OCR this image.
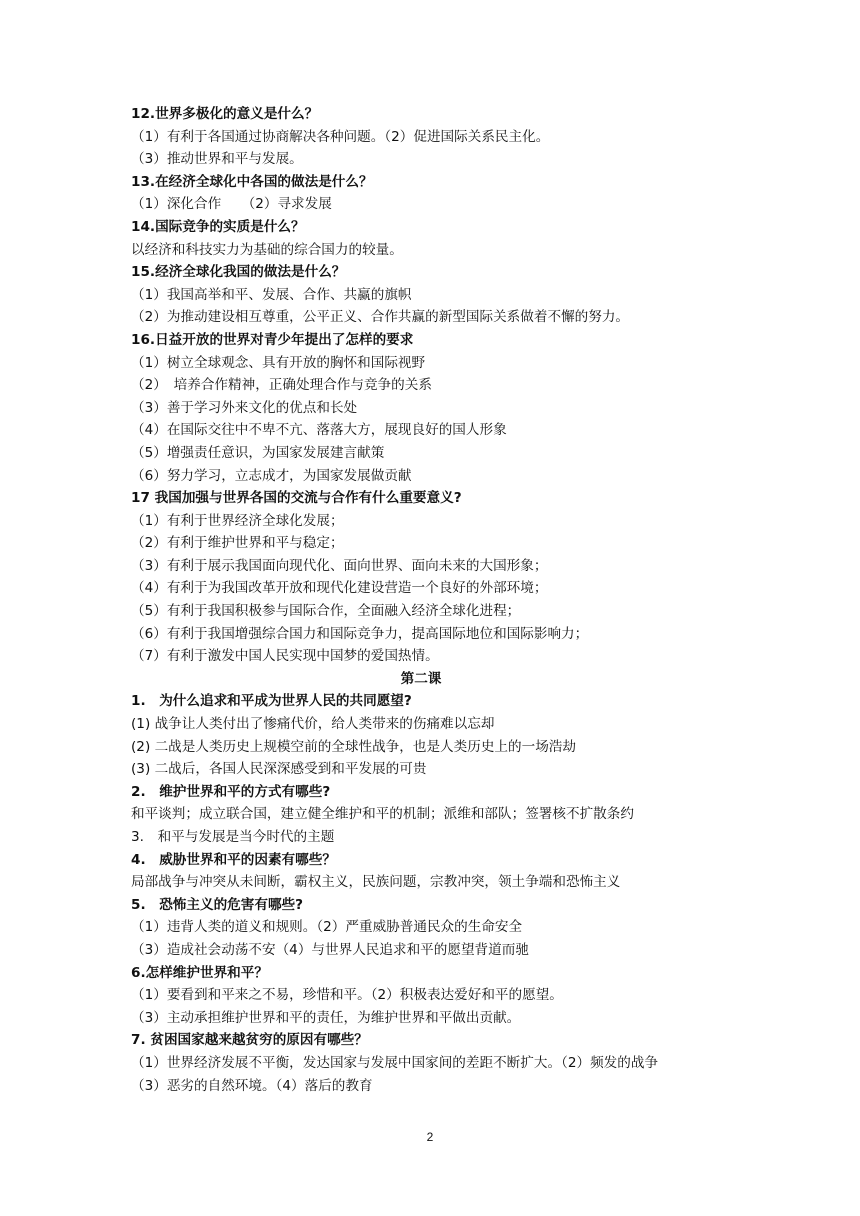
12.世界多极化的意义是什么？
（1）有利于各国通过协商解决各种问题。（2）促进国际关系民主化。
（3）推动世界和平与发展。
13.在经济全球化中各国的做法是什么？
（1）深化合作　　（2）寻求发展
14.国际竞争的实质是什么？
以经济和科技实力为基础的综合国力的较量。
15.经济全球化我国的做法是什么？
（1）我国高举和平、发展、合作、共赢的旗帜
（2）为推动建设相互尊重，公平正义、合作共赢的新型国际关系做着不懈的努力。
16.日益开放的世界对青少年提出了怎样的要求
（1）树立全球观念、具有开放的胸怀和国际视野
（2）　培养合作精神，正确处理合作与竞争的关系
（3）善于学习外来文化的优点和长处
（4）在国际交往中不卑不亢、落落大方，展现良好的国人形象
（5）增强责任意识，为国家发展建言献策
（6）努力学习，立志成才，为国家发展做贡献
17 我国加强与世界各国的交流与合作有什么重要意义?
（1）有利于世界经济全球化发展；
（2）有利于维护世界和平与稳定；
（3）有利于展示我国面向现代化、面向世界、面向未来的大国形象；
（4）有利于为我国改革开放和现代化建设营造一个良好的外部环境；
（5）有利于我国积极参与国际合作，全面融入经济全球化进程；
（6）有利于我国增强综合国力和国际竞争力，提高国际地位和国际影响力；
（7）有利于激发中国人民实现中国梦的爱国热情。
第二课
1.　为什么追求和平成为世界人民的共同愿望?
(1) 战争让人类付出了惨痛代价，给人类带来的伤痛难以忘却
(2) 二战是人类历史上规模空前的全球性战争，也是人类历史上的一场浩劫
(3) 二战后，各国人民深深感受到和平发展的可贵
2.　维护世界和平的方式有哪些?
和平谈判；成立联合国，建立健全维护和平的机制；派维和部队；签署核不扩散条约
3.　和平与发展是当今时代的主题
4.　威胁世界和平的因素有哪些？
局部战争与冲突从未间断，霸权主义，民族问题，宗教冲突，领土争端和恐怖主义
5.　恐怖主义的危害有哪些?
（1）违背人类的道义和规则。（2）严重威胁普通民众的生命安全
（3）造成社会动荡不安（4）与世界人民追求和平的愿望背道而驰
6.怎样维护世界和平？
（1）要看到和平来之不易，珍惜和平。（2）积极表达爱好和平的愿望。
（3）主动承担维护世界和平的责任，为维护世界和平做出贡献。
7. 贫困国家越来越贫穷的原因有哪些？
（1）世界经济发展不平衡，发达国家与发展中国家间的差距不断扩大。（2）频发的战争
（3）恶劣的自然环境。（4）落后的教育
2
